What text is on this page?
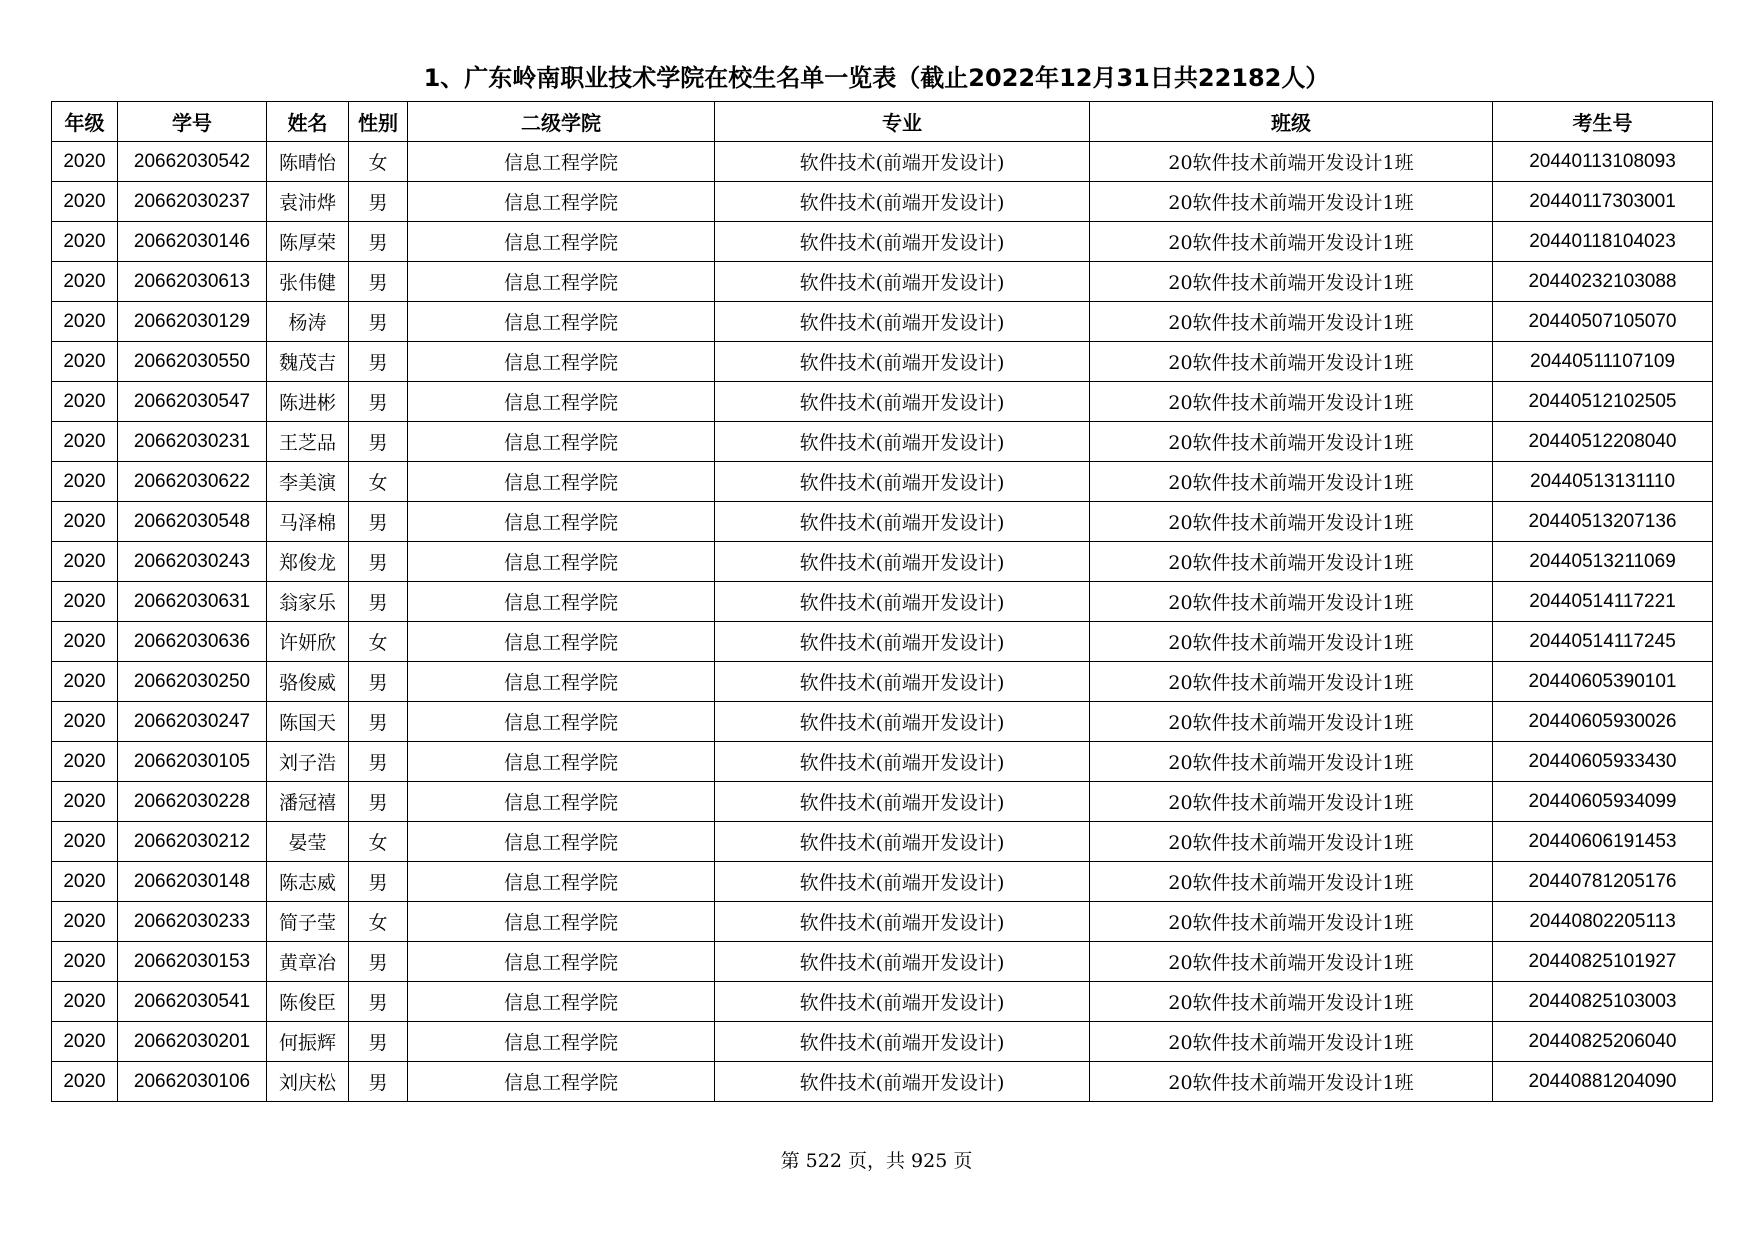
1、广东岭南职业技术学院在校生名单一览表（截止2022年12月31日共22182人）
年级	学号	姓名	性别	二级学院	专业	班级	考生号
2020	20662030542	陈晴怡	女	信息工程学院	软件技术(前端开发设计)	20软件技术前端开发设计1班	20440113108093
2020	20662030237	袁沛烨	男	信息工程学院	软件技术(前端开发设计)	20软件技术前端开发设计1班	20440117303001
2020	20662030146	陈厚荣	男	信息工程学院	软件技术(前端开发设计)	20软件技术前端开发设计1班	20440118104023
2020	20662030613	张伟健	男	信息工程学院	软件技术(前端开发设计)	20软件技术前端开发设计1班	20440232103088
2020	20662030129	杨涛	男	信息工程学院	软件技术(前端开发设计)	20软件技术前端开发设计1班	20440507105070
2020	20662030550	魏茂吉	男	信息工程学院	软件技术(前端开发设计)	20软件技术前端开发设计1班	20440511107109
2020	20662030547	陈进彬	男	信息工程学院	软件技术(前端开发设计)	20软件技术前端开发设计1班	20440512102505
2020	20662030231	王芝品	男	信息工程学院	软件技术(前端开发设计)	20软件技术前端开发设计1班	20440512208040
2020	20662030622	李美演	女	信息工程学院	软件技术(前端开发设计)	20软件技术前端开发设计1班	20440513131110
2020	20662030548	马泽棉	男	信息工程学院	软件技术(前端开发设计)	20软件技术前端开发设计1班	20440513207136
2020	20662030243	郑俊龙	男	信息工程学院	软件技术(前端开发设计)	20软件技术前端开发设计1班	20440513211069
2020	20662030631	翁家乐	男	信息工程学院	软件技术(前端开发设计)	20软件技术前端开发设计1班	20440514117221
2020	20662030636	许妍欣	女	信息工程学院	软件技术(前端开发设计)	20软件技术前端开发设计1班	20440514117245
2020	20662030250	骆俊威	男	信息工程学院	软件技术(前端开发设计)	20软件技术前端开发设计1班	20440605390101
2020	20662030247	陈国天	男	信息工程学院	软件技术(前端开发设计)	20软件技术前端开发设计1班	20440605930026
2020	20662030105	刘子浩	男	信息工程学院	软件技术(前端开发设计)	20软件技术前端开发设计1班	20440605933430
2020	20662030228	潘冠禧	男	信息工程学院	软件技术(前端开发设计)	20软件技术前端开发设计1班	20440605934099
2020	20662030212	晏莹	女	信息工程学院	软件技术(前端开发设计)	20软件技术前端开发设计1班	20440606191453
2020	20662030148	陈志威	男	信息工程学院	软件技术(前端开发设计)	20软件技术前端开发设计1班	20440781205176
2020	20662030233	简子莹	女	信息工程学院	软件技术(前端开发设计)	20软件技术前端开发设计1班	20440802205113
2020	20662030153	黄章冶	男	信息工程学院	软件技术(前端开发设计)	20软件技术前端开发设计1班	20440825101927
2020	20662030541	陈俊臣	男	信息工程学院	软件技术(前端开发设计)	20软件技术前端开发设计1班	20440825103003
2020	20662030201	何振辉	男	信息工程学院	软件技术(前端开发设计)	20软件技术前端开发设计1班	20440825206040
2020	20662030106	刘庆松	男	信息工程学院	软件技术(前端开发设计)	20软件技术前端开发设计1班	20440881204090
第 522 页，共 925 页
